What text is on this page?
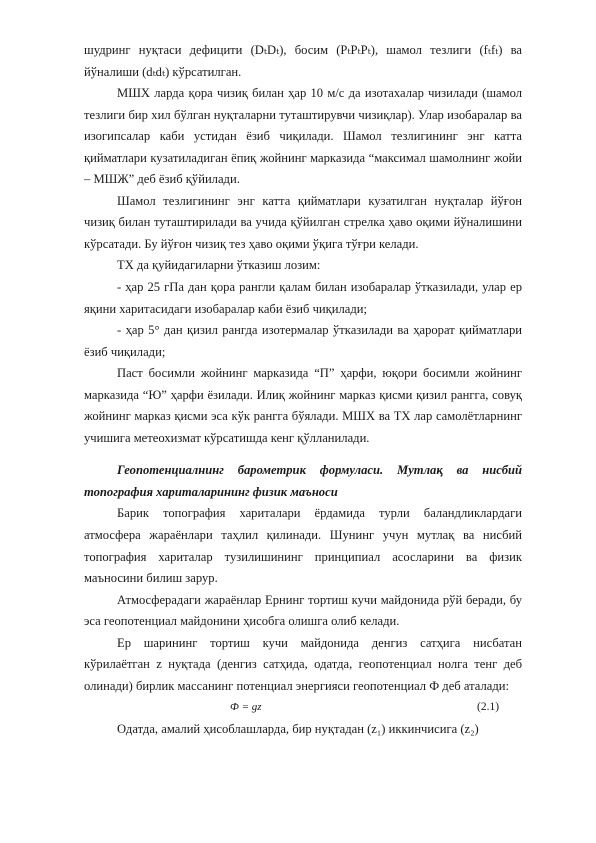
шудринг нуқтаси дефицити (DₜDₜ), босим (PₜPₜPₜ), шамол тезлиги (fₜfₜ) ва йўналиши (dₜdₜ) кўрсатилган.

МШХ ларда қора чизиқ билан ҳар 10 м/с да изотахалар чизилади (шамол тезлиги бир хил бўлган нуқталарни туташтирувчи чизиқлар). Улар изобаралар ва изогипсалар каби устидан ёзиб чиқилади. Шамол тезлигининг энг катта қийматлари кузатиладиган ёпиқ жойнинг марказида “максимал шамолнинг жойи – МШЖ” деб ёзиб қўйилади.

Шамол тезлигининг энг катта қийматлари кузатилган нуқталар йўғон чизиқ билан туташтирилади ва учида қўйилган стрелка ҳаво оқими йўналишини кўрсатади. Бу йўғон чизиқ тез ҳаво оқими ўқига тўғри келади.

ТХ да қуйидагиларни ўтказиш лозим:

- ҳар 25 гПа дан қора рангли қалам билан изобаралар ўтказилади, улар ер яқини харитасидаги изобаралар каби ёзиб чиқилади;

- ҳар 5° дан қизил рангда изотермалар ўтказилади ва ҳарорат қийматлари ёзиб чиқилади;

Паст босимли жойнинг марказида “П” ҳарфи, юқори босимли жойнинг марказида “Ю” ҳарфи ёзилади. Илиқ жойнинг марказ қисми қизил рангга, совуқ жойнинг марказ қисми эса кўк рангга бўялади. МШХ ва ТХ лар самолётларнинг учишига метеохизмат кўрсатишда кенг қўлланилади.

Геопотенциалнинг барометрик формуласи. Мутлақ ва нисбий топография хариталарининг физик маъноси

Барик топография хариталари ёрдамида турли баландликлардаги атмосфера жараёнлари таҳлил қилинади. Шунинг учун мутлақ ва нисбий топография хариталар тузилишининг принципиал асосларини ва физик маъносини билиш зарур.

Атмосферадаги жараёнлар Ернинг тортиш кучи майдонида рўй беради, бу эса геопотенциал майдонини ҳисобга олишга олиб келади.

Ер шарининг тортиш кучи майдонида денгиз сатҳига нисбатан кўрилаётган z нуқтада (денгиз сатҳида, одатда, геопотенциал нолга тенг деб олинади) бирлик массанинг потенциал энергияси геопотенциал Ф деб аталади:

Ф = gz	(2.1)

Одатда, амалий ҳисоблашларда, бир нуқтадан (z₁) иккинчисига (z₂)
